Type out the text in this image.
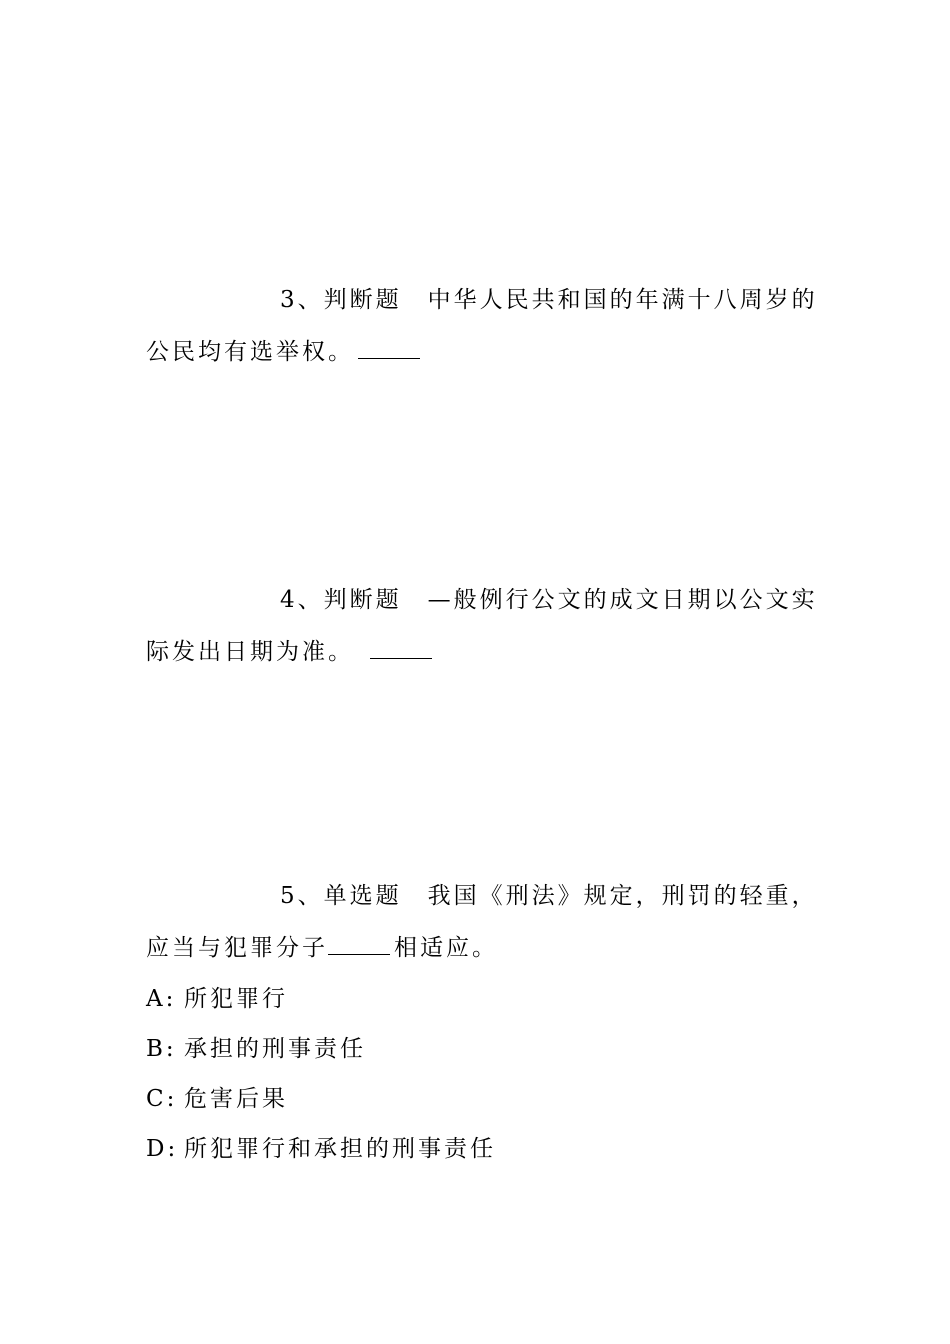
3、判断题 中华人民共和国的年满十八周岁的
公民均有选举权。
4、判断题 —般例行公文的成文日期以公文实
际发出日期为准。
5、单选题 我国《刑法》规定，刑罚的轻重，
应当与犯罪分子	相适应。
A: 所犯罪行
B: 承担的刑事责任
C: 危害后果
D: 所犯罪行和承担的刑事责任
